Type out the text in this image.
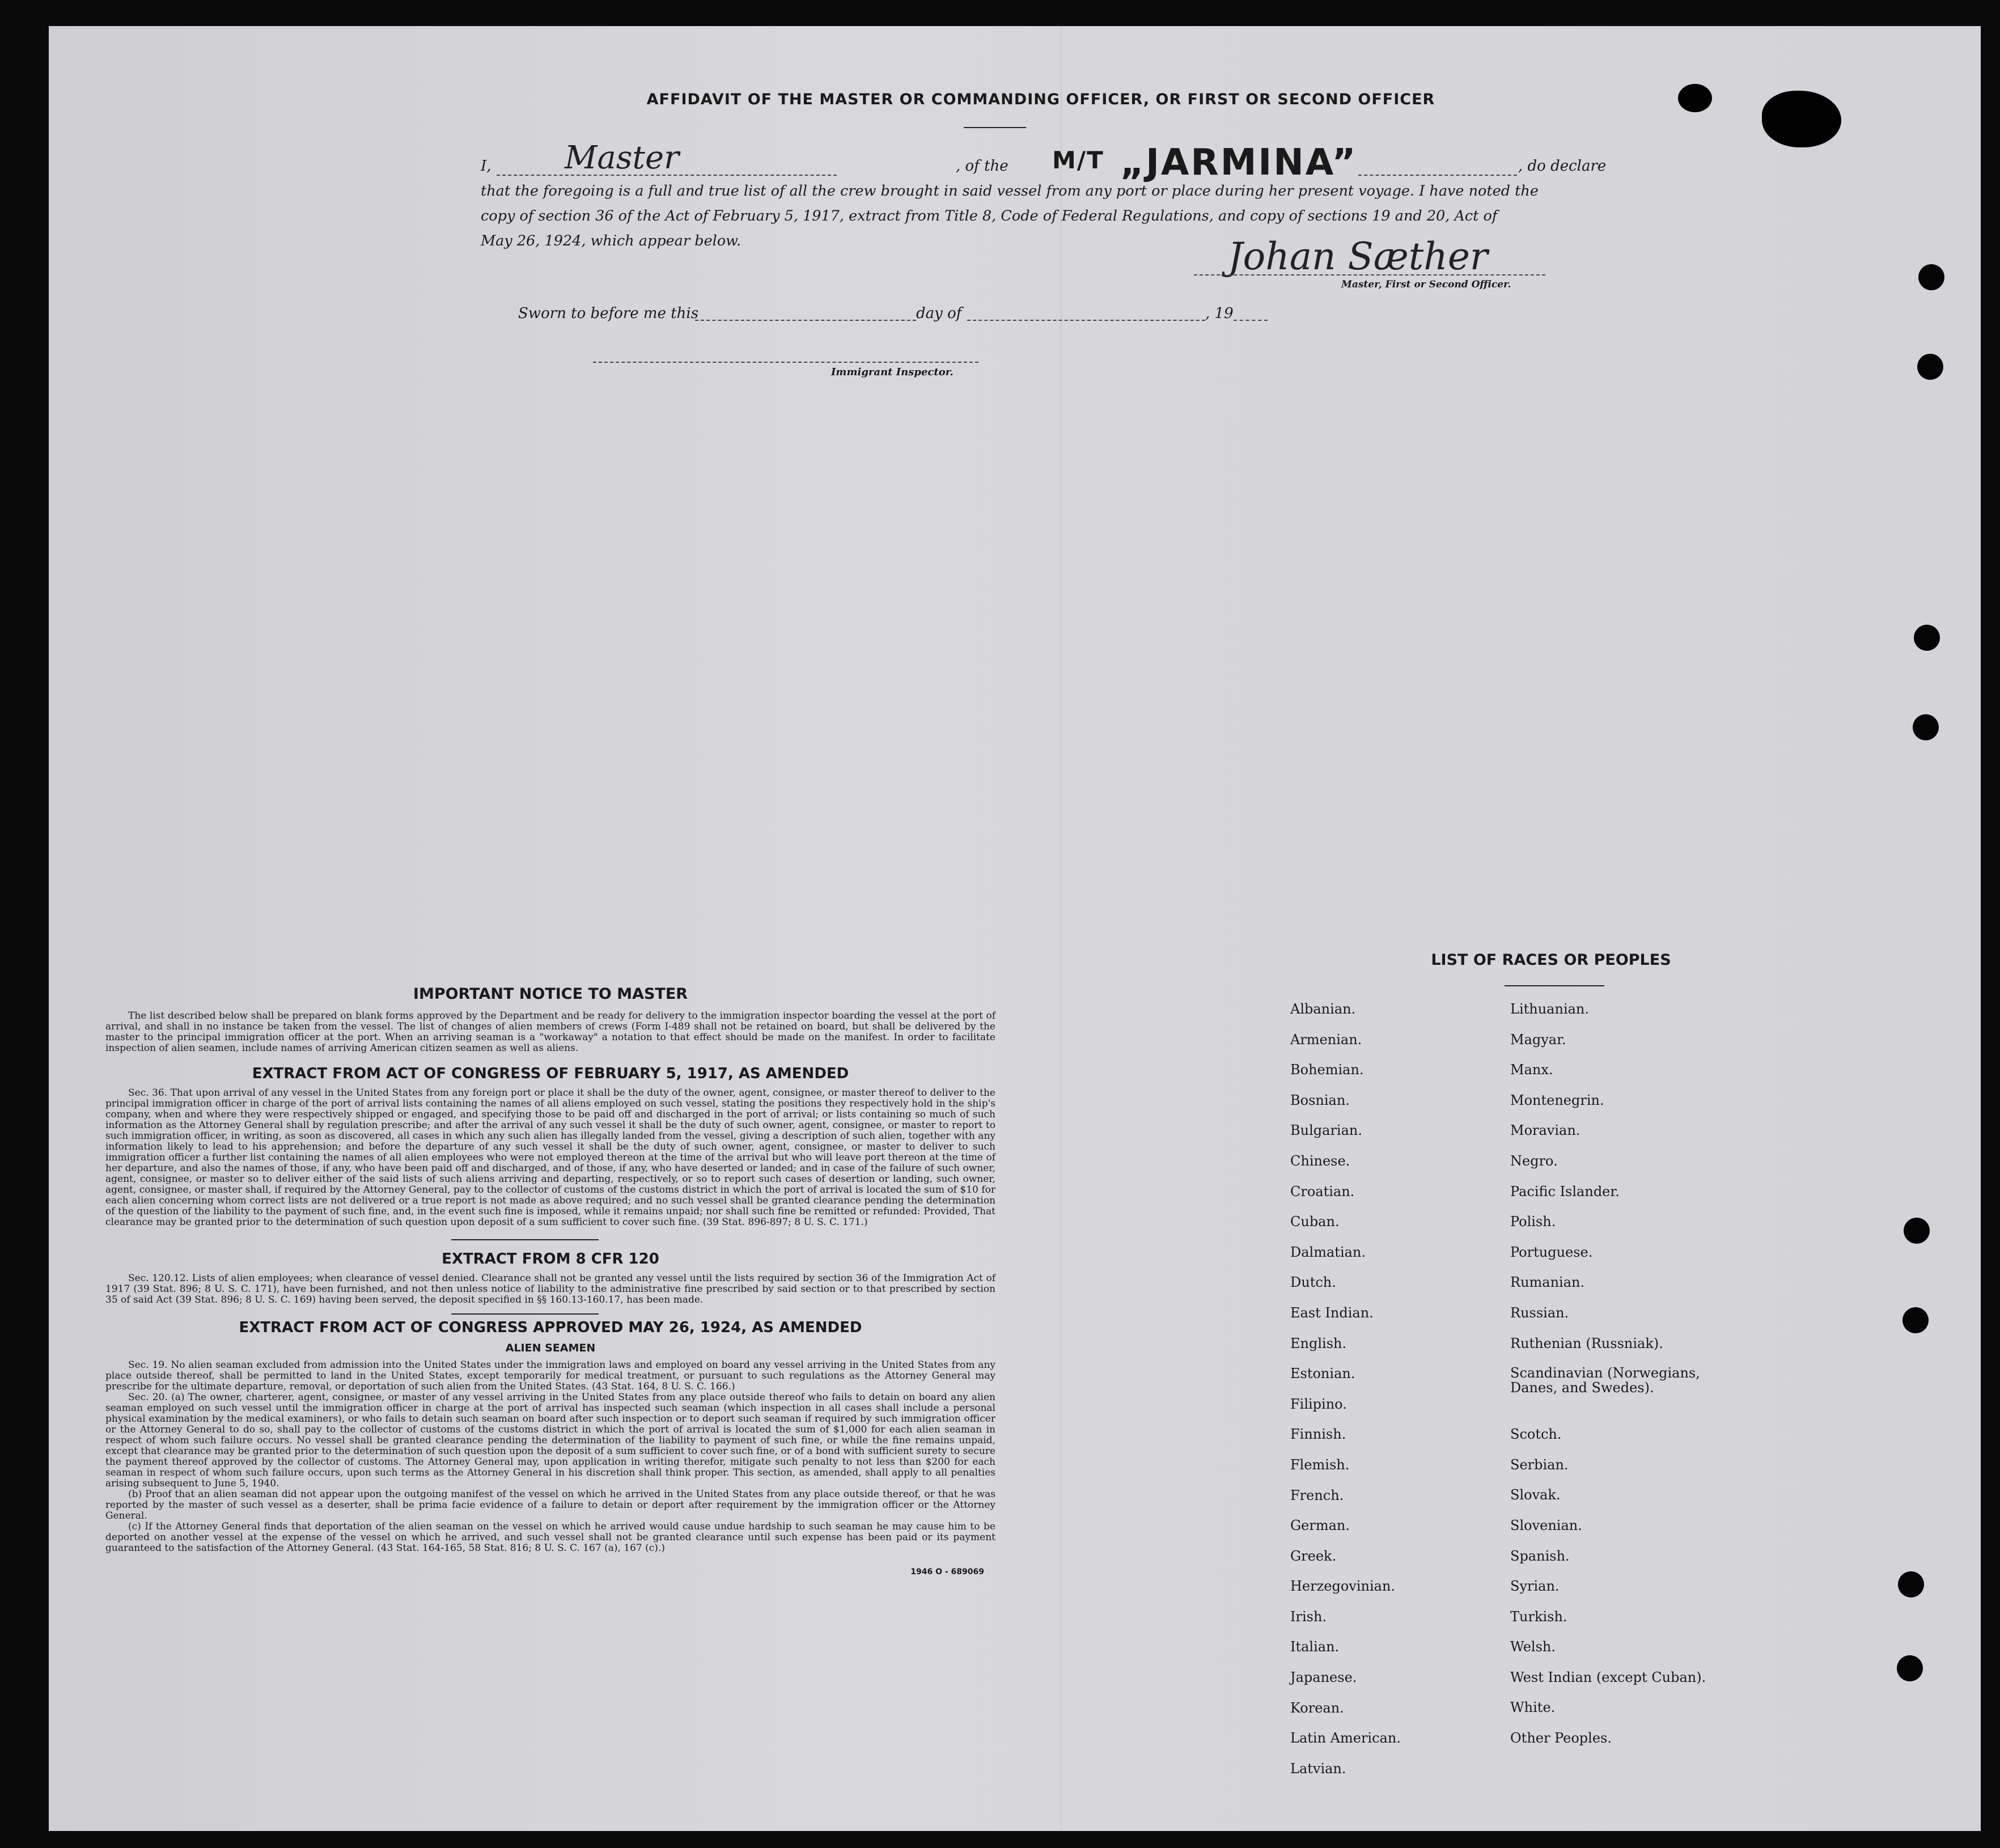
AFFIDAVIT OF THE MASTER OR COMMANDING OFFICER, OR FIRST OR SECOND OFFICER
I, Master	, of the M/T „JARMINA”	, do declare
that the foregoing is a full and true list of all the crew brought in said vessel from any port or place during her present voyage. I have noted the
copy of section 36 of the Act of February 5, 1917, extract from Title 8, Code of Federal Regulations, and copy of sections 19 and 20, Act of
May 26, 1924, which appear below.	Johan Sæther
Master, First or Second Officer.
Sworn to before me this	day of	, 19
Immigrant Inspector.
IMPORTANT NOTICE TO MASTER
The list described below shall be prepared on blank forms approved by the Department and be ready for delivery to the immigration inspector boarding the vessel at the port of arrival, and shall in no instance be taken from the vessel. The list of changes of alien members of crews (Form I-489 shall not be retained on board, but shall be delivered by the master to the principal immigration officer at the port. When an arriving seaman is a "workaway" a notation to that effect should be made on the manifest. In order to facilitate inspection of alien seamen, include names of arriving American citizen seamen as well as aliens.
EXTRACT FROM ACT OF CONGRESS OF FEBRUARY 5, 1917, AS AMENDED
Sec. 36. That upon arrival of any vessel in the United States from any foreign port or place it shall be the duty of the owner, agent, consignee, or master thereof to deliver to the principal immigration officer in charge of the port of arrival lists containing the names of all aliens employed on such vessel, stating the positions they respectively hold in the ship's company, when and where they were respectively shipped or engaged, and specifying those to be paid off and discharged in the port of arrival; or lists containing so much of such information as the Attorney General shall by regulation prescribe; and after the arrival of any such vessel it shall be the duty of such owner, agent, consignee, or master to report to such immigration officer, in writing, as soon as discovered, all cases in which any such alien has illegally landed from the vessel, giving a description of such alien, together with any information likely to lead to his apprehension; and before the departure of any such vessel it shall be the duty of such owner, agent, consignee, or master to deliver to such immigration officer a further list containing the names of all alien employees who were not employed thereon at the time of the arrival but who will leave port thereon at the time of her departure, and also the names of those, if any, who have been paid off and discharged, and of those, if any, who have deserted or landed; and in case of the failure of such owner, agent, consignee, or master so to deliver either of the said lists of such aliens arriving and departing, respectively, or so to report such cases of desertion or landing, such owner, agent, consignee, or master shall, if required by the Attorney General, pay to the collector of customs of the customs district in which the port of arrival is located the sum of $10 for each alien concerning whom correct lists are not delivered or a true report is not made as above required; and no such vessel shall be granted clearance pending the determination of the question of the liability to the payment of such fine, and, in the event such fine is imposed, while it remains unpaid; nor shall such fine be remitted or refunded: Provided, That clearance may be granted prior to the determination of such question upon deposit of a sum sufficient to cover such fine. (39 Stat. 896-897; 8 U. S. C. 171.)
EXTRACT FROM 8 CFR 120
Sec. 120.12. Lists of alien employees; when clearance of vessel denied. Clearance shall not be granted any vessel until the lists required by section 36 of the Immigration Act of 1917 (39 Stat. 896; 8 U. S. C. 171), have been furnished, and not then unless notice of liability to the administrative fine prescribed by said section or to that prescribed by section 35 of said Act (39 Stat. 896; 8 U. S. C. 169) having been served, the deposit specified in §§ 160.13-160.17, has been made.
EXTRACT FROM ACT OF CONGRESS APPROVED MAY 26, 1924, AS AMENDED
ALIEN SEAMEN
Sec. 19. No alien seaman excluded from admission into the United States under the immigration laws and employed on board any vessel arriving in the United States from any place outside thereof, shall be permitted to land in the United States, except temporarily for medical treatment, or pursuant to such regulations as the Attorney General may prescribe for the ultimate departure, removal, or deportation of such alien from the United States. (43 Stat. 164, 8 U. S. C. 166.)
Sec. 20. (a) The owner, charterer, agent, consignee, or master of any vessel arriving in the United States from any place outside thereof who fails to detain on board any alien seaman employed on such vessel until the immigration officer in charge at the port of arrival has inspected such seaman (which inspection in all cases shall include a personal physical examination by the medical examiners), or who fails to detain such seaman on board after such inspection or to deport such seaman if required by such immigration officer or the Attorney General to do so, shall pay to the collector of customs of the customs district in which the port of arrival is located the sum of $1,000 for each alien seaman in respect of whom such failure occurs. No vessel shall be granted clearance pending the determination of the liability to payment of such fine, or while the fine remains unpaid, except that clearance may be granted prior to the determination of such question upon the deposit of a sum sufficient to cover such fine, or of a bond with sufficient surety to secure the payment thereof approved by the collector of customs. The Attorney General may, upon application in writing therefor, mitigate such penalty to not less than $200 for each seaman in respect of whom such failure occurs, upon such terms as the Attorney General in his discretion shall think proper. This section, as amended, shall apply to all penalties arising subsequent to June 5, 1940.
(b) Proof that an alien seaman did not appear upon the outgoing manifest of the vessel on which he arrived in the United States from any place outside thereof, or that he was reported by the master of such vessel as a deserter, shall be prima facie evidence of a failure to detain or deport after requirement by the immigration officer or the Attorney General.
(c) If the Attorney General finds that deportation of the alien seaman on the vessel on which he arrived would cause undue hardship to such seaman he may cause him to be deported on another vessel at the expense of the vessel on which he arrived, and such vessel shall not be granted clearance until such expense has been paid or its payment guaranteed to the satisfaction of the Attorney General. (43 Stat. 164-165, 58 Stat. 816; 8 U. S. C. 167 (a), 167 (c).)
1946 O - 689069
LIST OF RACES OR PEOPLES
Albanian.
Armenian.
Bohemian.
Bosnian.
Bulgarian.
Chinese.
Croatian.
Cuban.
Dalmatian.
Dutch.
East Indian.
English.
Estonian.
Filipino.
Finnish.
Flemish.
French.
German.
Greek.
Herzegovinian.
Irish.
Italian.
Japanese.
Korean.
Latin American.
Latvian.
Lithuanian.
Magyar.
Manx.
Montenegrin.
Moravian.
Negro.
Pacific Islander.
Polish.
Portuguese.
Rumanian.
Russian.
Ruthenian (Russniak).
Scandinavian (Norwegians, Danes, and Swedes).
Scotch.
Serbian.
Slovak.
Slovenian.
Spanish.
Syrian.
Turkish.
Welsh.
West Indian (except Cuban).
White.
Other Peoples.
